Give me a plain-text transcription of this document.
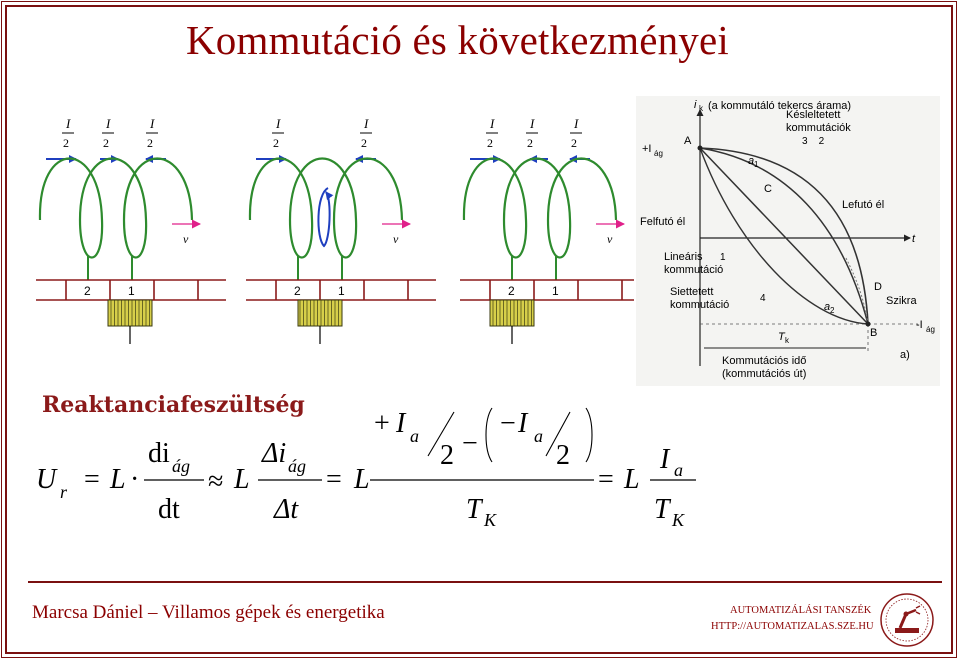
Kommutáció és következményei
I
2
I
2
I
2
v
2	1
I
2
I
2
v
2	1
I
2
I
2
I
2
v
2	1
i k (a kommutáló tekercs árama)
+I ág
A
a 1
Késleltetett
kommutációk
3    2
C
Lefutó él
t
Felfutó él
Lineáris
kommutáció
1
Siettetett
kommutáció
4
D
a 2
Szikra
B
-I ág
T k
Kommutációs idő
(kommutációs út)
a)
Reaktanciafeszültség
U r = L ·
di ág
dt
≈ L
Δi ág
Δt
= L
+ I a
2 −
− I a
2
T K
= L
I a
T K
Marcsa Dániel – Villamos gépek és energetika	AUTOMATIZÁLÁSI TANSZÉK
HTTP://AUTOMATIZALAS.SZE.HU
